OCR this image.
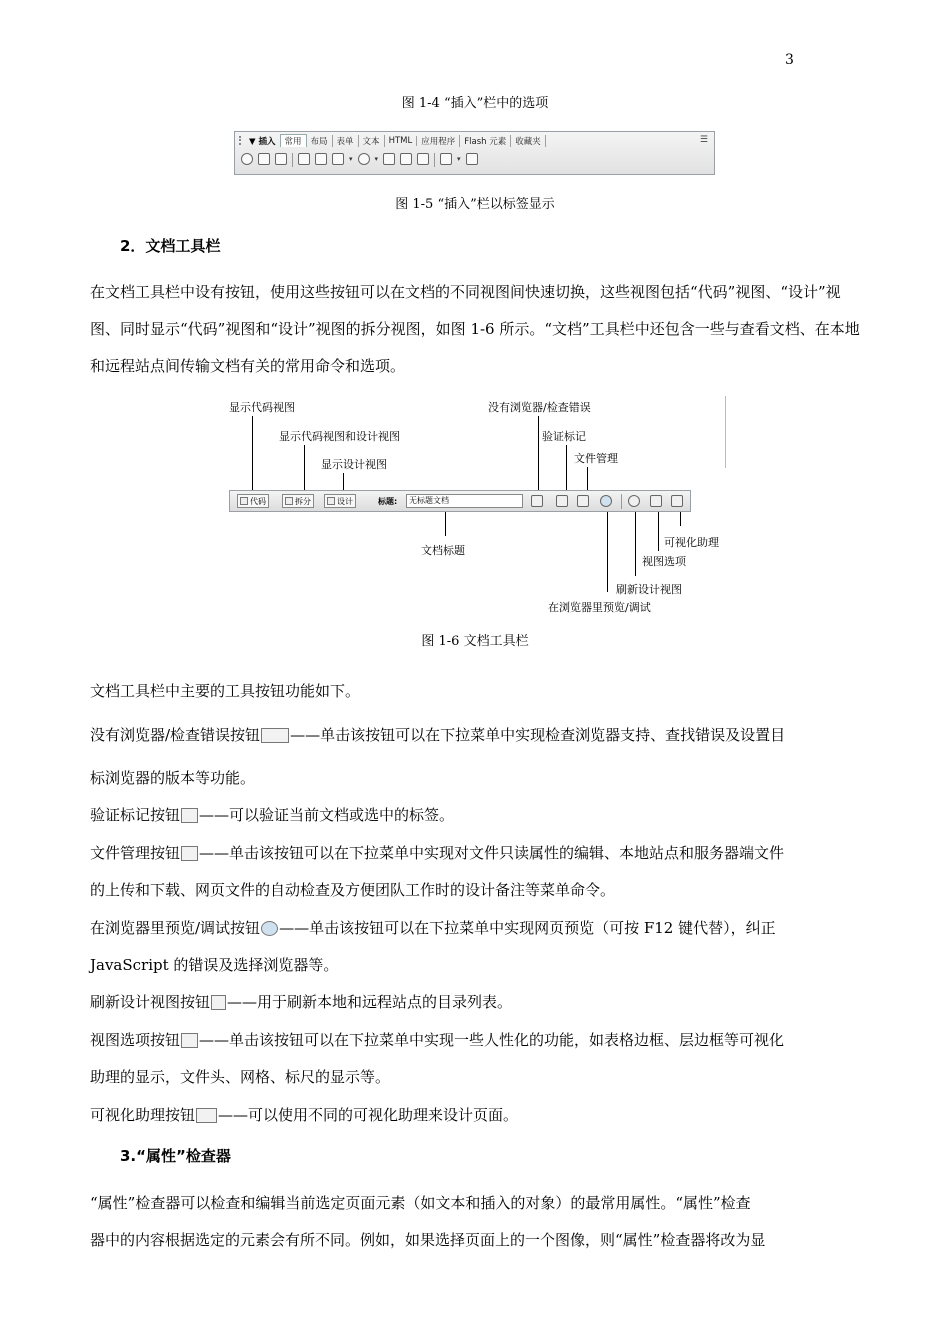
3
图 1-4 “插入”栏中的选项
▼ 插入	常用	布局	表单	文本	HTML	应用程序	Flash 元素	收藏夹	☰
▾	▾	▾
图 1-5 “插入”栏以标签显示
2．文档工具栏
在文档工具栏中设有按钮，使用这些按钮可以在文档的不同视图间快速切换，这些视图包括“代码”视图、“设计”视图、同时显示“代码”视图和“设计”视图的拆分视图，如图 1-6 所示。“文档”工具栏中还包含一些与查看文档、在本地和远程站点间传输文档有关的常用命令和选项。
显示代码视图
显示代码视图和设计视图
显示设计视图
没有浏览器/检查错误
验证标记
文件管理
代码	拆分	设计	标题:	无标题文档
文档标题
可视化助理
视图选项
刷新设计视图
在浏览器里预览/调试
图 1-6 文档工具栏
文档工具栏中主要的工具按钮功能如下。
没有浏览器/检查错误按钮 ——单击该按钮可以在下拉菜单中实现检查浏览器支持、查找错误及设置目
标浏览器的版本等功能。
验证标记按钮 ——可以验证当前文档或选中的标签。
文件管理按钮 ——单击该按钮可以在下拉菜单中实现对文件只读属性的编辑、本地站点和服务器端文件
的上传和下载、网页文件的自动检查及方便团队工作时的设计备注等菜单命令。
在浏览器里预览/调试按钮 ——单击该按钮可以在下拉菜单中实现网页预览（可按 F12 键代替），纠正
JavaScript 的错误及选择浏览器等。
刷新设计视图按钮 ——用于刷新本地和远程站点的目录列表。
视图选项按钮 ——单击该按钮可以在下拉菜单中实现一些人性化的功能，如表格边框、层边框等可视化
助理的显示，文件头、网格、标尺的显示等。
可视化助理按钮 ——可以使用不同的可视化助理来设计页面。
3.“属性”检查器
“属性”检查器可以检查和编辑当前选定页面元素（如文本和插入的对象）的最常用属性。“属性”检查
器中的内容根据选定的元素会有所不同。例如，如果选择页面上的一个图像，则“属性”检查器将改为显
